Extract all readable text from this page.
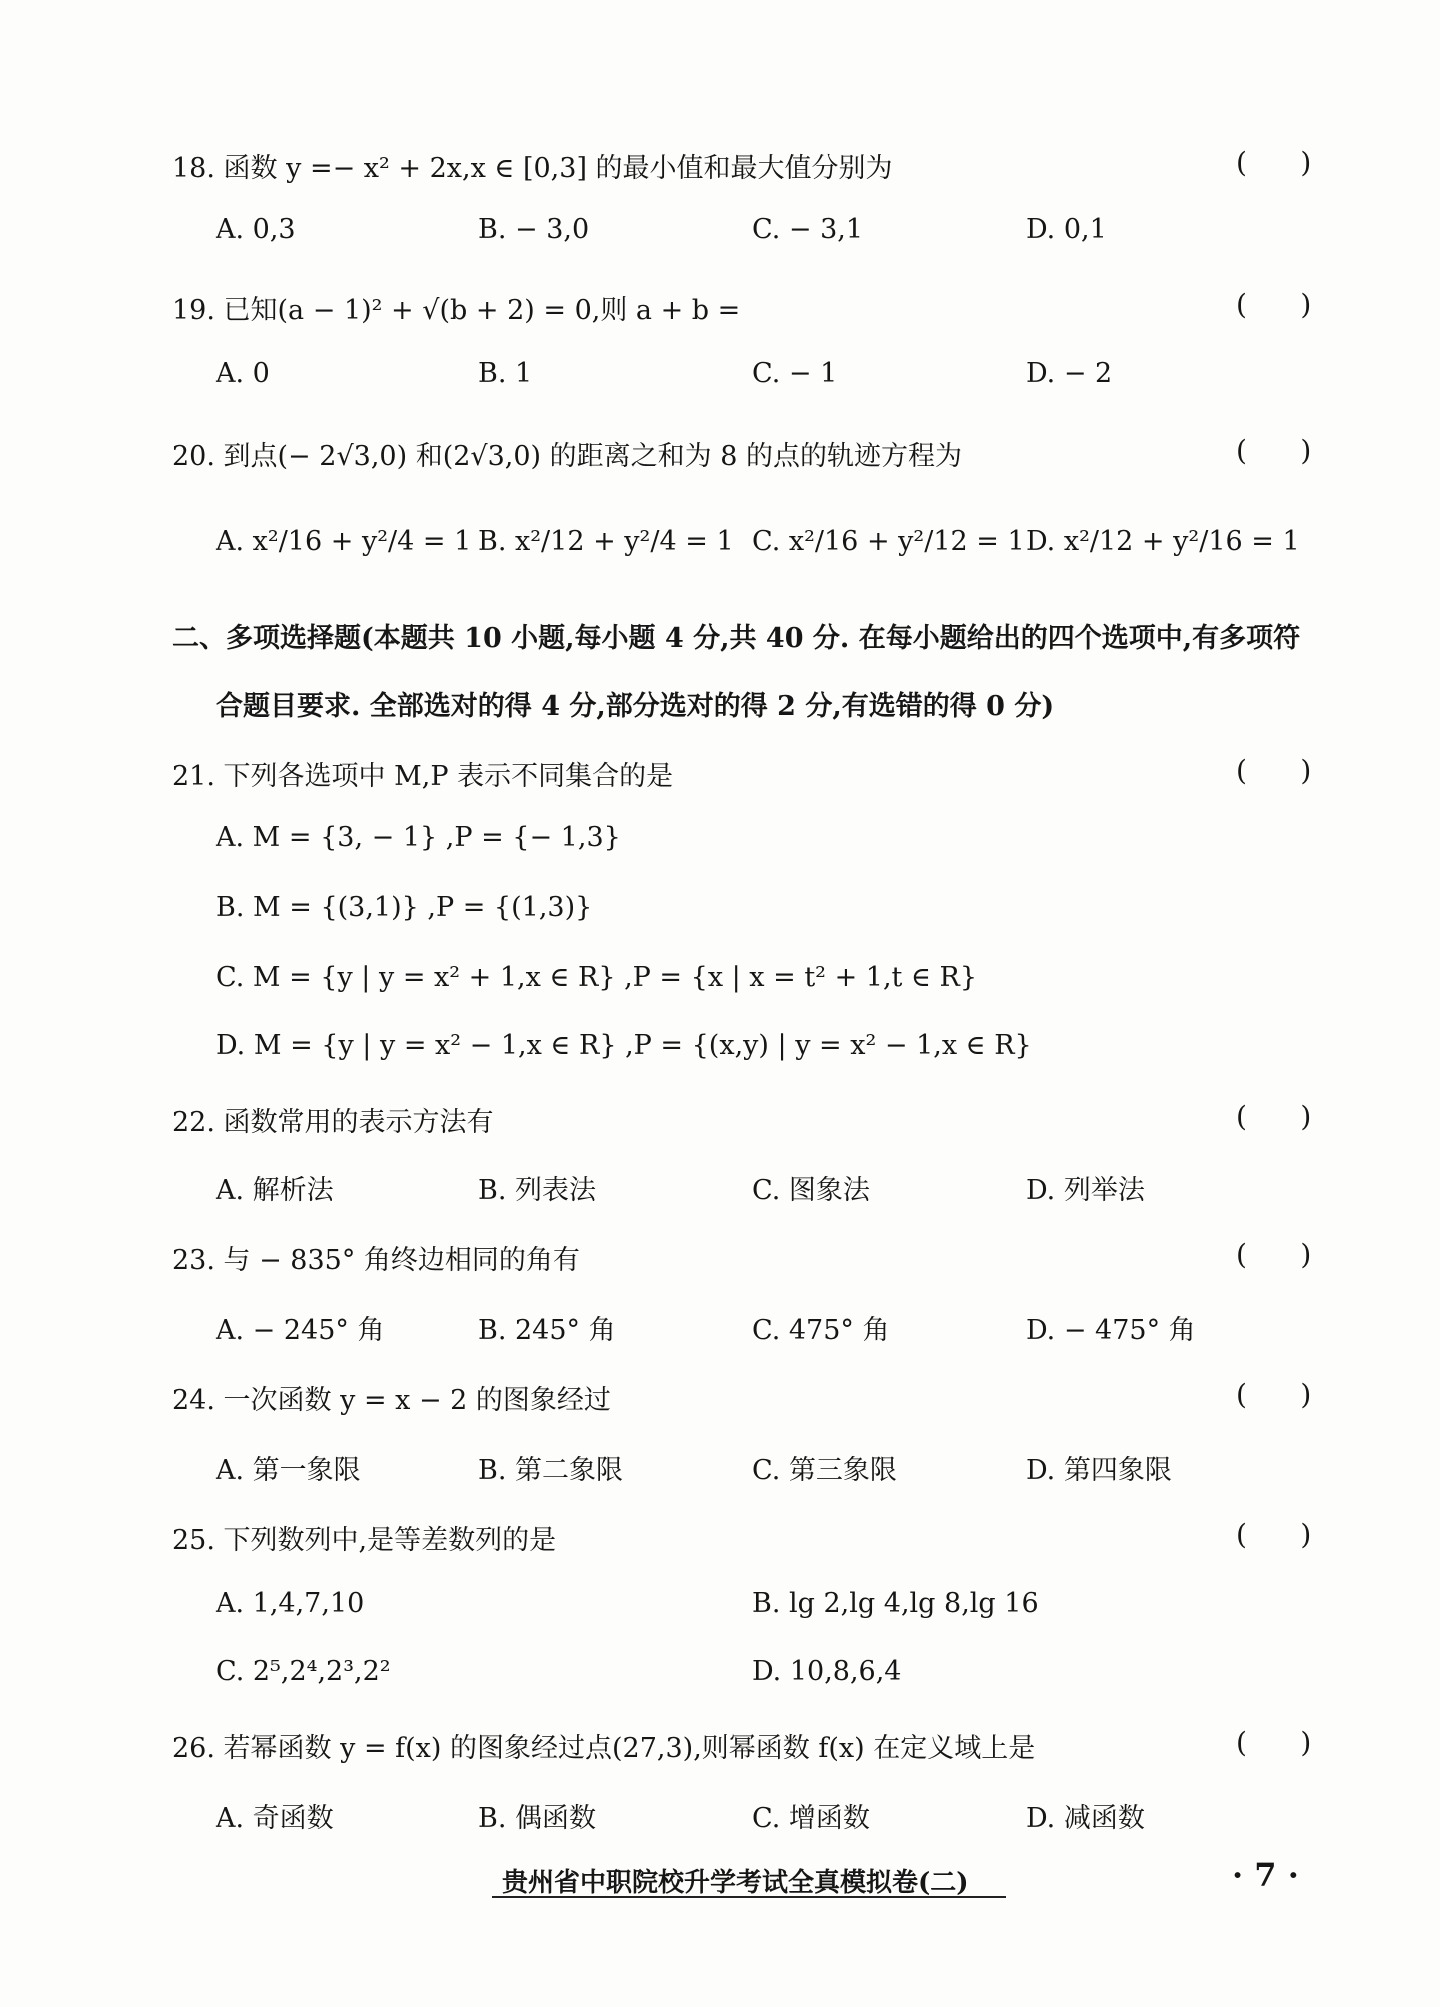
18. 函数 y =− x² + 2x,x ∈ [0,3] 的最小值和最大值分别为	(      )
A. 0,3	B. − 3,0	C. − 3,1	D. 0,1
19. 已知(a − 1)² + √(b + 2) = 0,则 a + b =	(      )
A. 0	B. 1	C. − 1	D. − 2
20. 到点(− 2√3,0) 和(2√3,0) 的距离之和为 8 的点的轨迹方程为	(      )
A. x²/16 + y²/4 = 1 B. x²/12 + y²/4 = 1 C. x²/16 + y²/12 = 1 D. x²/12 + y²/16 = 1
二、多项选择题(本题共 10 小题,每小题 4 分,共 40 分. 在每小题给出的四个选项中,有多项符
合题目要求. 全部选对的得 4 分,部分选对的得 2 分,有选错的得 0 分)
21. 下列各选项中 M,P 表示不同集合的是	(      )
A. M = {3, − 1} ,P = {− 1,3}
B. M = {(3,1)} ,P = {(1,3)}
C. M = {y | y = x² + 1,x ∈ R} ,P = {x | x = t² + 1,t ∈ R}
D. M = {y | y = x² − 1,x ∈ R} ,P = {(x,y) | y = x² − 1,x ∈ R}
22. 函数常用的表示方法有	(      )
A. 解析法	B. 列表法	C. 图象法	D. 列举法
23. 与 − 835° 角终边相同的角有	(      )
A. − 245° 角	B. 245° 角	C. 475° 角	D. − 475° 角
24. 一次函数 y = x − 2 的图象经过	(      )
A. 第一象限	B. 第二象限	C. 第三象限	D. 第四象限
25. 下列数列中,是等差数列的是	(      )
A. 1,4,7,10	B. lg 2,lg 4,lg 8,lg 16
C. 2⁵,2⁴,2³,2²	D. 10,8,6,4
26. 若幂函数 y = f(x) 的图象经过点(27,3),则幂函数 f(x) 在定义域上是	(      )
A. 奇函数	B. 偶函数	C. 增函数	D. 减函数
贵州省中职院校升学考试全真模拟卷(二)	· 7 ·
